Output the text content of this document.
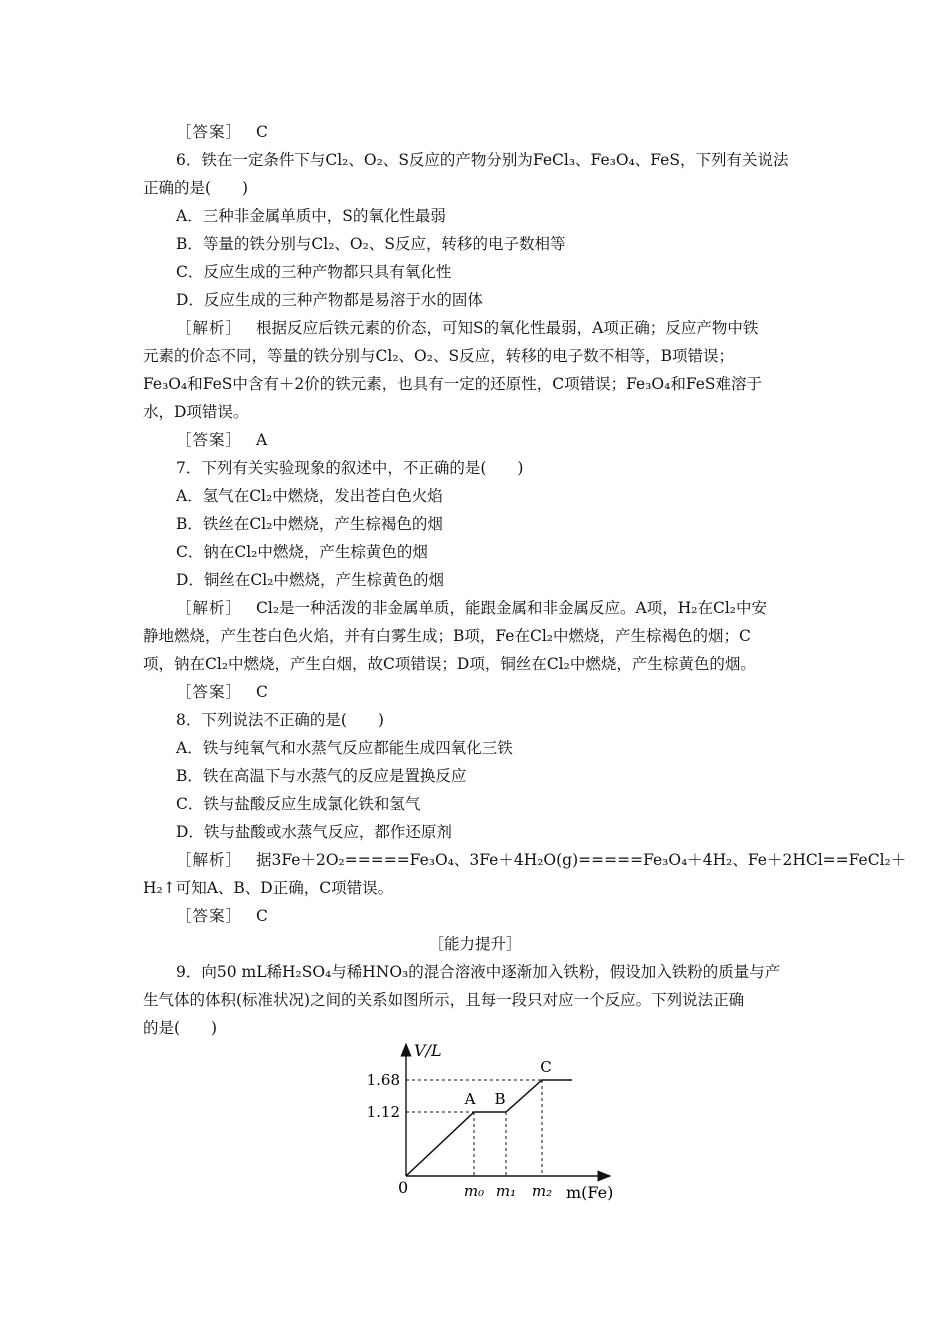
［答案］ C
6．铁在一定条件下与Cl₂、O₂、S反应的产物分别为FeCl₃、Fe₃O₄、FeS，下列有关说法
正确的是(　　)
A．三种非金属单质中，S的氧化性最弱
B．等量的铁分别与Cl₂、O₂、S反应，转移的电子数相等
C．反应生成的三种产物都只具有氧化性
D．反应生成的三种产物都是易溶于水的固体
［解析］ 根据反应后铁元素的价态，可知S的氧化性最弱，A项正确；反应产物中铁
元素的价态不同，等量的铁分别与Cl₂、O₂、S反应，转移的电子数不相等，B项错误；
Fe₃O₄和FeS中含有＋2价的铁元素，也具有一定的还原性，C项错误；Fe₃O₄和FeS难溶于
水，D项错误。
［答案］ A
7．下列有关实验现象的叙述中，不正确的是(　　)
A．氢气在Cl₂中燃烧，发出苍白色火焰
B．铁丝在Cl₂中燃烧，产生棕褐色的烟
C．钠在Cl₂中燃烧，产生棕黄色的烟
D．铜丝在Cl₂中燃烧，产生棕黄色的烟
［解析］ Cl₂是一种活泼的非金属单质，能跟金属和非金属反应。A项，H₂在Cl₂中安
静地燃烧，产生苍白色火焰，并有白雾生成；B项，Fe在Cl₂中燃烧，产生棕褐色的烟；C
项，钠在Cl₂中燃烧，产生白烟，故C项错误；D项，铜丝在Cl₂中燃烧，产生棕黄色的烟。
［答案］ C
8．下列说法不正确的是(　　)
A．铁与纯氧气和水蒸气反应都能生成四氧化三铁
B．铁在高温下与水蒸气的反应是置换反应
C．铁与盐酸反应生成氯化铁和氢气
D．铁与盐酸或水蒸气反应，都作还原剂
［解析］ 据3Fe＋2O₂=====Fe₃O₄、3Fe＋4H₂O(g)=====Fe₃O₄＋4H₂、Fe＋2HCl==FeCl₂＋
H₂↑可知A、B、D正确，C项错误。
［答案］ C
［能力提升］
9．向50 mL稀H₂SO₄与稀HNO₃的混合溶液中逐渐加入铁粉，假设加入铁粉的质量与产
生气体的体积(标准状况)之间的关系如图所示，且每一段只对应一个反应。下列说法正确
的是(　　)
V/L
m(Fe)
0
1.12
1.68
m₀ m₁ m₂
A B
C
